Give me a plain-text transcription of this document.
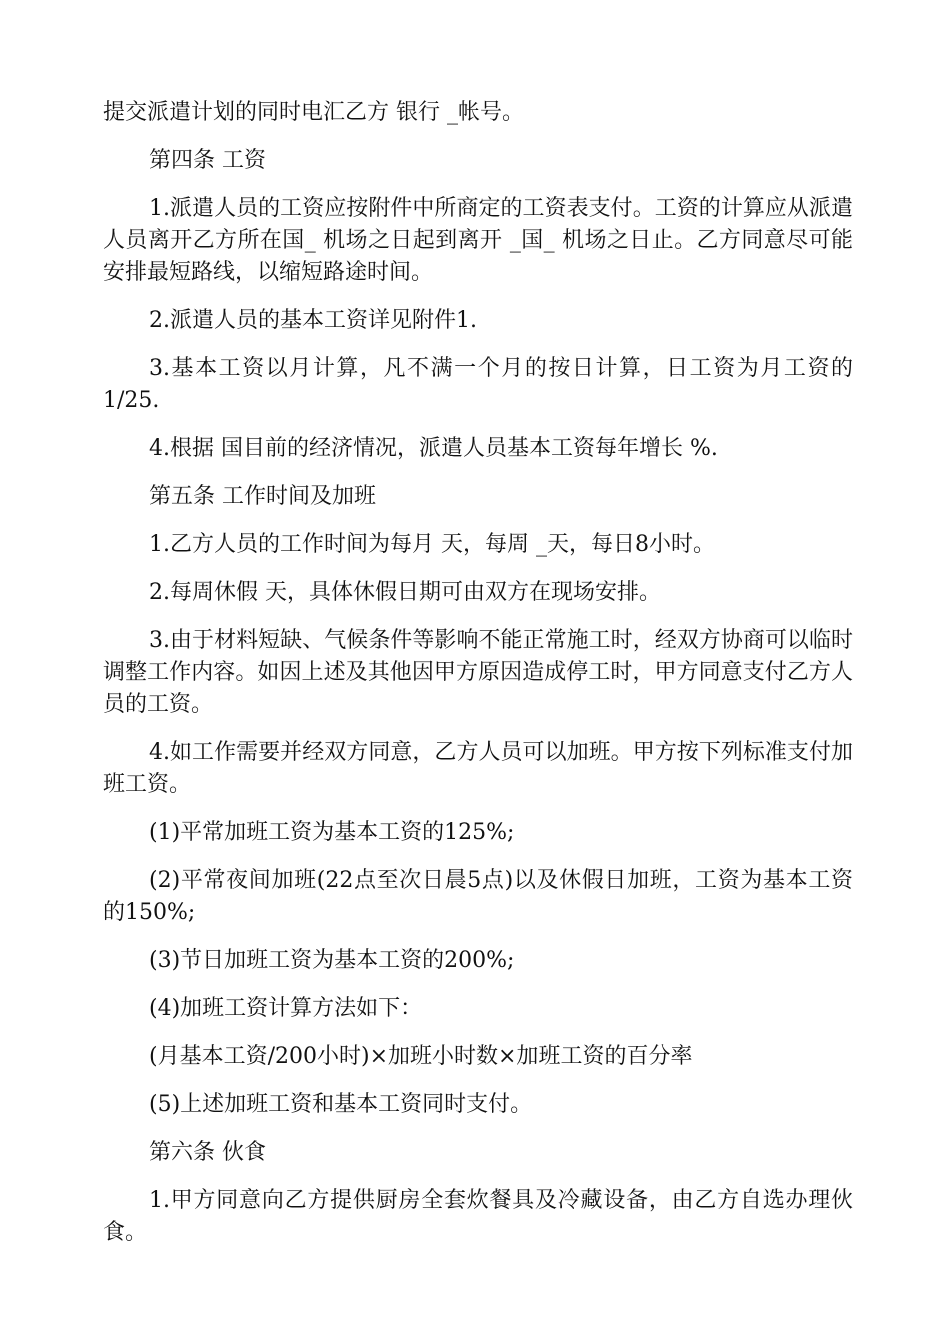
提交派遣计划的同时电汇乙方 银行 _帐号。

第四条 工资

1.派遣人员的工资应按附件中所商定的工资表支付。工资的计算应从派遣人员离开乙方所在国_ 机场之日起到离开 _国_ 机场之日止。乙方同意尽可能安排最短路线，以缩短路途时间。

2.派遣人员的基本工资详见附件1.

3.基本工资以月计算，凡不满一个月的按日计算，日工资为月工资的1/25.

4.根据 国目前的经济情况，派遣人员基本工资每年增长 %.

第五条 工作时间及加班

1.乙方人员的工作时间为每月 天，每周 _天，每日8小时。

2.每周休假 天，具体休假日期可由双方在现场安排。

3.由于材料短缺、气候条件等影响不能正常施工时，经双方协商可以临时调整工作内容。如因上述及其他因甲方原因造成停工时，甲方同意支付乙方人员的工资。

4.如工作需要并经双方同意，乙方人员可以加班。甲方按下列标准支付加班工资。

(1)平常加班工资为基本工资的125%;

(2)平常夜间加班(22点至次日晨5点)以及休假日加班，工资为基本工资的150%;

(3)节日加班工资为基本工资的200%;

(4)加班工资计算方法如下：

(月基本工资/200小时)×加班小时数×加班工资的百分率

(5)上述加班工资和基本工资同时支付。

第六条 伙食

1.甲方同意向乙方提供厨房全套炊餐具及冷藏设备，由乙方自选办理伙食。
